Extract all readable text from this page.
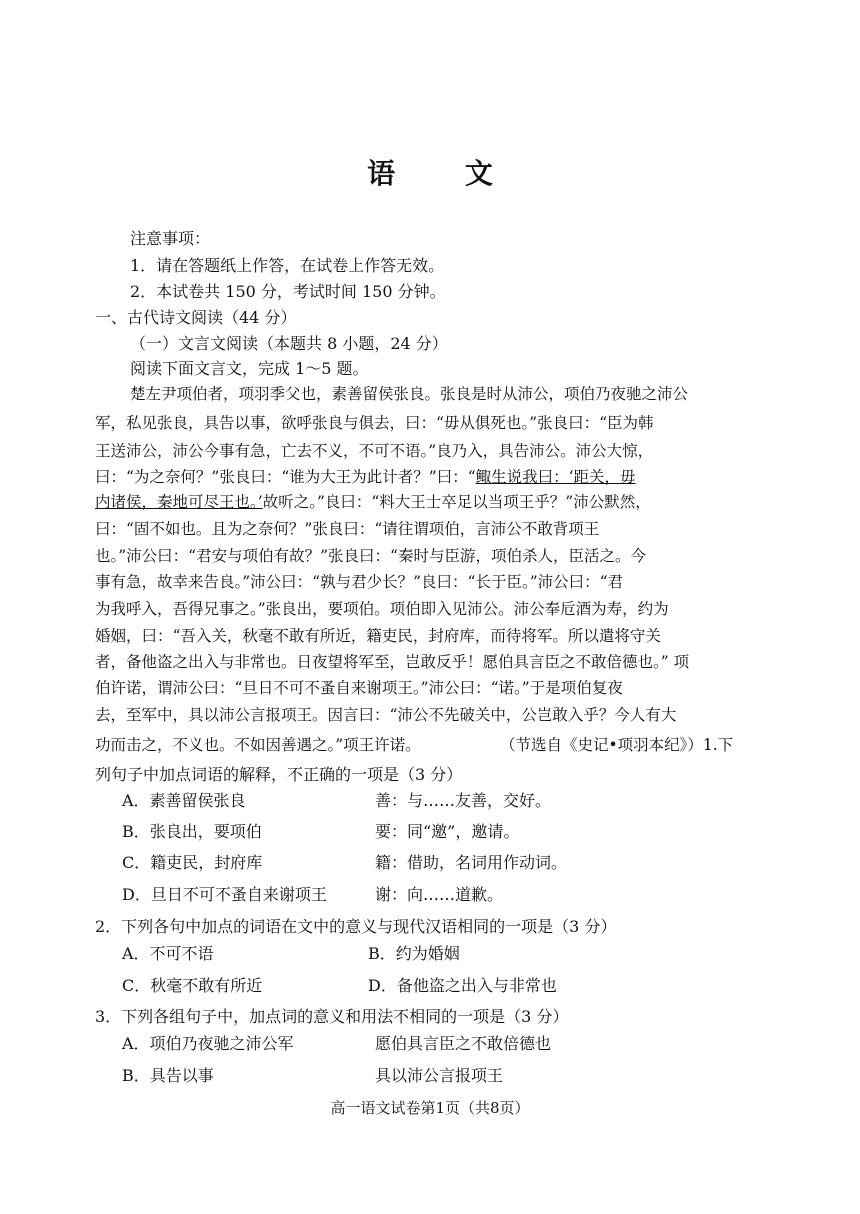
语 文
注意事项：
1．请在答题纸上作答，在试卷上作答无效。
2．本试卷共 150 分，考试时间 150 分钟。
一、古代诗文阅读（44 分）
（一）文言文阅读（本题共 8 小题，24 分）
阅读下面文言文，完成 1～5 题。
楚左尹项伯者，项羽季父也，素善留侯张良。张良是时从沛公，项伯乃夜驰之沛公
军，私见张良，具告以事，欲呼张良与俱去，曰：“毋从俱死也。”张良曰：“臣为韩
王送沛公，沛公今事有急，亡去不义，不可不语。”良乃入，具告沛公。沛公大惊，
曰：“为之奈何？”张良曰：“谁为大王为此计者？”曰：“鲰生说我曰：‘距关，毋
内诸侯，秦地可尽王也。’故听之。”良曰：“料大王士卒足以当项王乎？”沛公默然，
曰：“固不如也。且为之奈何？”张良曰：“请往谓项伯，言沛公不敢背项王
也。”沛公曰：“君安与项伯有故？”张良曰：“秦时与臣游，项伯杀人，臣活之。今
事有急，故幸来告良。”沛公曰：“孰与君少长？”良曰：“长于臣。”沛公曰：“君
为我呼入，吾得兄事之。”张良出，要项伯。项伯即入见沛公。沛公奉卮酒为寿，约为
婚姻，曰：“吾入关，秋毫不敢有所近，籍吏民，封府库，而待将军。所以遣将守关
者，备他盗之出入与非常也。日夜望将军至，岂敢反乎！愿伯具言臣之不敢倍德也。” 项
伯许诺，谓沛公曰：“旦日不可不蚤自来谢项王。”沛公曰：“诺。”于是项伯复夜
去，至军中，具以沛公言报项王。因言曰：“沛公不先破关中，公岂敢入乎？今人有大
功而击之，不义也。不如因善遇之。”项王许诺。	（节选自《史记•项羽本纪》）1.下
列句子中加点词语的解释，不正确的一项是（3 分）
A．素善留侯张良	善：与……友善，交好。
B．张良出，要项伯	要：同“邀”，邀请。
C．籍吏民，封府库	籍：借助，名词用作动词。
D．旦日不可不蚤自来谢项王	谢：向……道歉。
2．下列各句中加点的词语在文中的意义与现代汉语相同的一项是（3 分）
A．不可不语	B．约为婚姻
C．秋毫不敢有所近	D．备他盗之出入与非常也
3．下列各组句子中，加点词的意义和用法不相同的一项是（3 分）
A．项伯乃夜驰之沛公军	愿伯具言臣之不敢倍德也
B．具告以事	具以沛公言报项王
高一语文试卷第1页（共8页）
